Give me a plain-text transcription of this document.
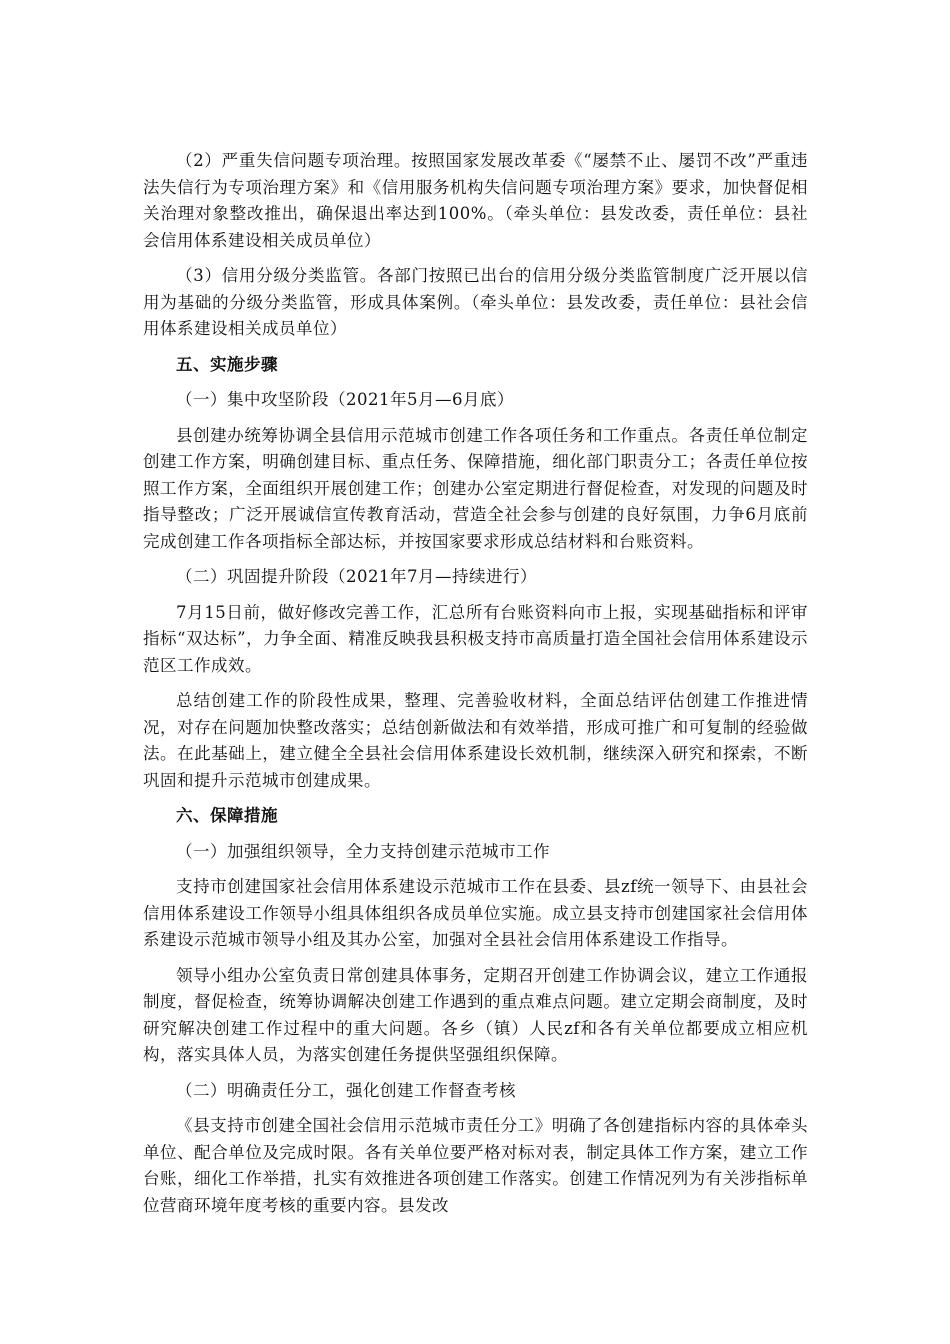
（2）严重失信问题专项治理。按照国家发展改革委《“屡禁不止、屡罚不改”严重违法失信行为专项治理方案》和《信用服务机构失信问题专项治理方案》要求，加快督促相关治理对象整改推出，确保退出率达到100%。（牵头单位：县发改委，责任单位：县社会信用体系建设相关成员单位）

（3）信用分级分类监管。各部门按照已出台的信用分级分类监管制度广泛开展以信用为基础的分级分类监管，形成具体案例。（牵头单位：县发改委，责任单位：县社会信用体系建设相关成员单位）

五、实施步骤

（一）集中攻坚阶段（2021年5月—6月底）

县创建办统筹协调全县信用示范城市创建工作各项任务和工作重点。各责任单位制定创建工作方案，明确创建目标、重点任务、保障措施，细化部门职责分工；各责任单位按照工作方案，全面组织开展创建工作；创建办公室定期进行督促检查，对发现的问题及时指导整改；广泛开展诚信宣传教育活动，营造全社会参与创建的良好氛围，力争6月底前完成创建工作各项指标全部达标，并按国家要求形成总结材料和台账资料。

（二）巩固提升阶段（2021年7月—持续进行）

7月15日前，做好修改完善工作，汇总所有台账资料向市上报，实现基础指标和评审指标“双达标”，力争全面、精准反映我县积极支持市高质量打造全国社会信用体系建设示范区工作成效。

总结创建工作的阶段性成果，整理、完善验收材料，全面总结评估创建工作推进情况，对存在问题加快整改落实；总结创新做法和有效举措，形成可推广和可复制的经验做法。在此基础上，建立健全全县社会信用体系建设长效机制，继续深入研究和探索，不断巩固和提升示范城市创建成果。

六、保障措施

（一）加强组织领导，全力支持创建示范城市工作

支持市创建国家社会信用体系建设示范城市工作在县委、县zf统一领导下、由县社会信用体系建设工作领导小组具体组织各成员单位实施。成立县支持市创建国家社会信用体系建设示范城市领导小组及其办公室，加强对全县社会信用体系建设工作指导。

领导小组办公室负责日常创建具体事务，定期召开创建工作协调会议，建立工作通报制度，督促检查，统筹协调解决创建工作遇到的重点难点问题。建立定期会商制度，及时研究解决创建工作过程中的重大问题。各乡（镇）人民zf和各有关单位都要成立相应机构，落实具体人员，为落实创建任务提供坚强组织保障。

（二）明确责任分工，强化创建工作督查考核

《县支持市创建全国社会信用示范城市责任分工》明确了各创建指标内容的具体牵头单位、配合单位及完成时限。各有关单位要严格对标对表，制定具体工作方案，建立工作台账，细化工作举措，扎实有效推进各项创建工作落实。创建工作情况列为有关涉指标单位营商环境年度考核的重要内容。县发改
